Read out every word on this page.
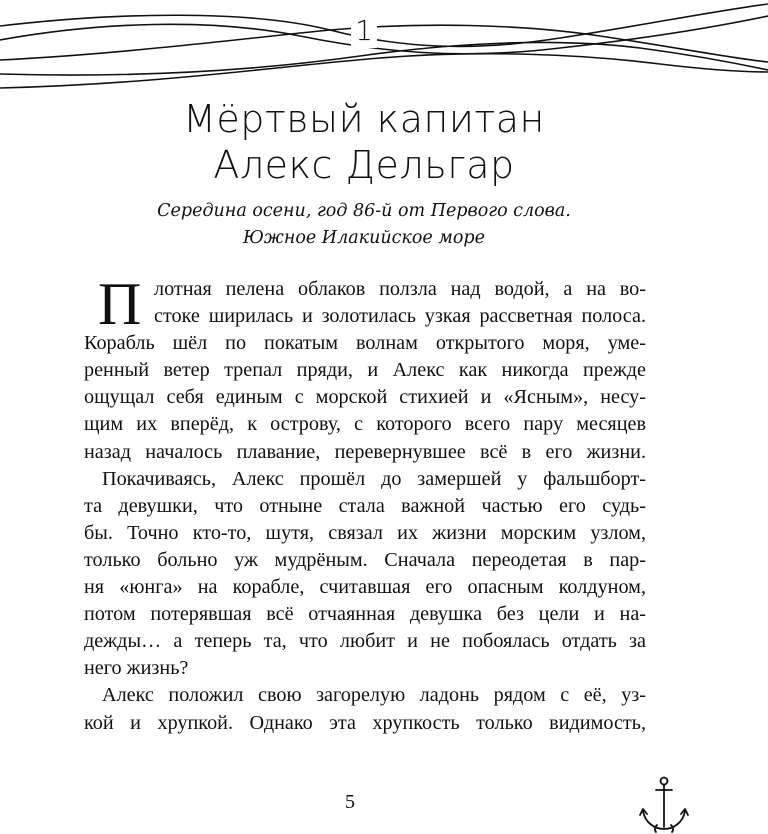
1
Мёртвый капитан
Алекс Дельгар
Середина осени, год 86-й от Первого слова.
Южное Илакийское море
П лотная пелена облаков ползла над водой, а на во-
стоке ширилась и золотилась узкая рассветная полоса.
Корабль шёл по покатым волнам открытого моря, уме-
ренный ветер трепал пряди, и Алекс как никогда прежде
ощущал себя единым с морской стихией и «Ясным», несу-
щим их вперёд, к острову, с которого всего пару месяцев
назад началось плавание, перевернувшее всё в его жизни.
Покачиваясь, Алекс прошёл до замершей у фальшборт-
та девушки, что отныне стала важной частью его судь-
бы. Точно кто-то, шутя, связал их жизни морским узлом,
только больно уж мудрёным. Сначала переодетая в пар-
ня «юнга» на корабле, считавшая его опасным колдуном,
потом потерявшая всё отчаянная девушка без цели и на-
дежды… а теперь та, что любит и не побоялась отдать за
него жизнь?
Алекс положил свою загорелую ладонь рядом с её, уз-
кой и хрупкой. Однако эта хрупкость только видимость,
5
